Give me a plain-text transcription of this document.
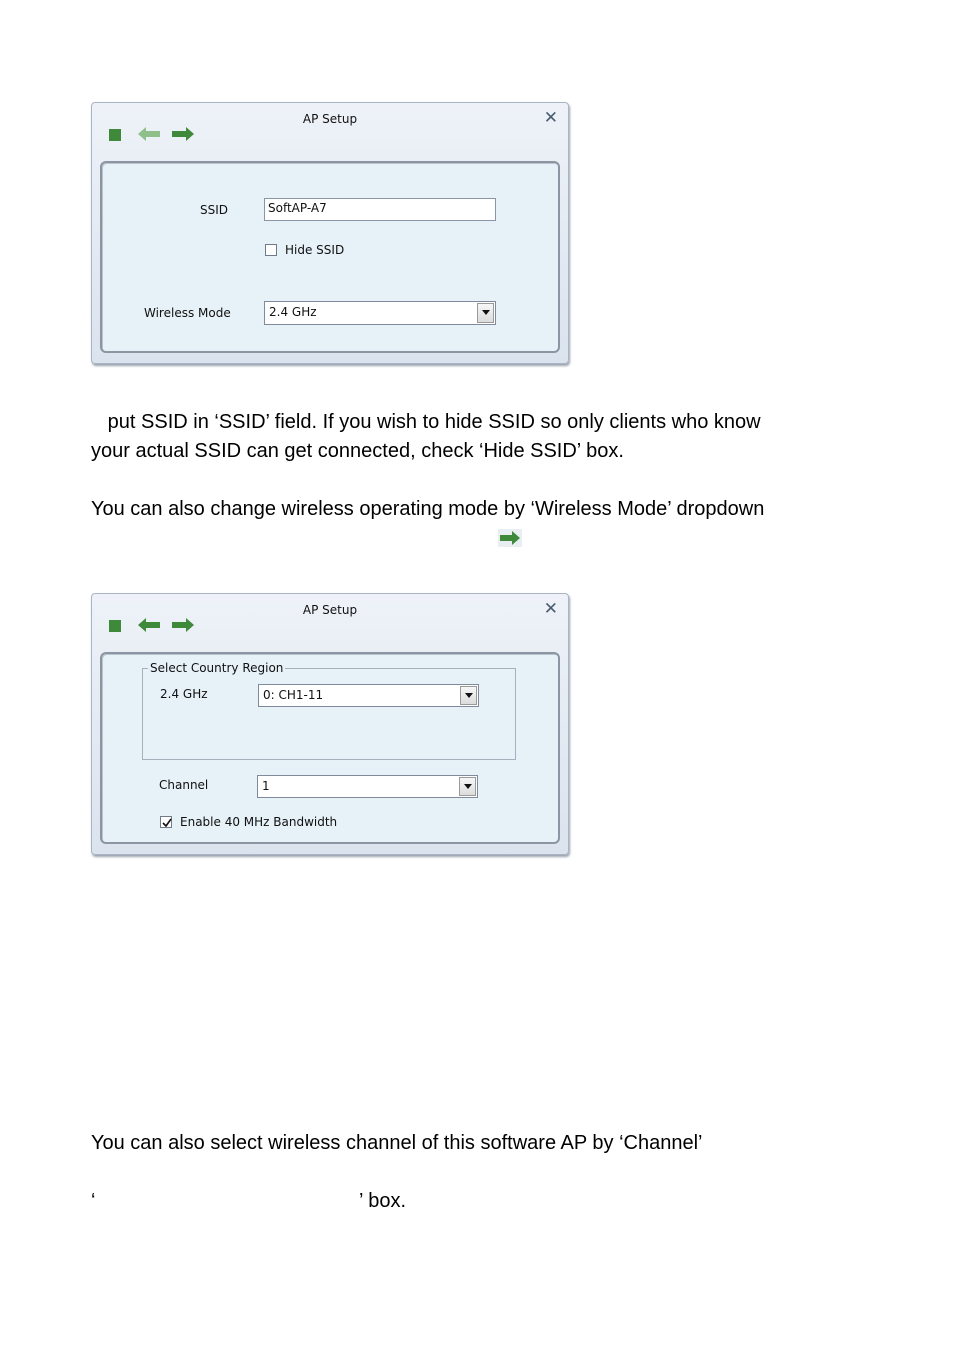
AP Setup	✕
SSID	SoftAP-A7
Hide SSID
Wireless Mode	2.4 GHz
put SSID in ‘SSID’ field. If you wish to hide SSID so only clients who know
your actual SSID can get connected, check ‘Hide SSID’ box.
You can also change wireless operating mode by ‘Wireless Mode’ dropdown
AP Setup	✕
Select Country Region
2.4 GHz	0: CH1-11
Channel	1
Enable 40 MHz Bandwidth
You can also select wireless channel of this software AP by ‘Channel’
‘	’ box.
